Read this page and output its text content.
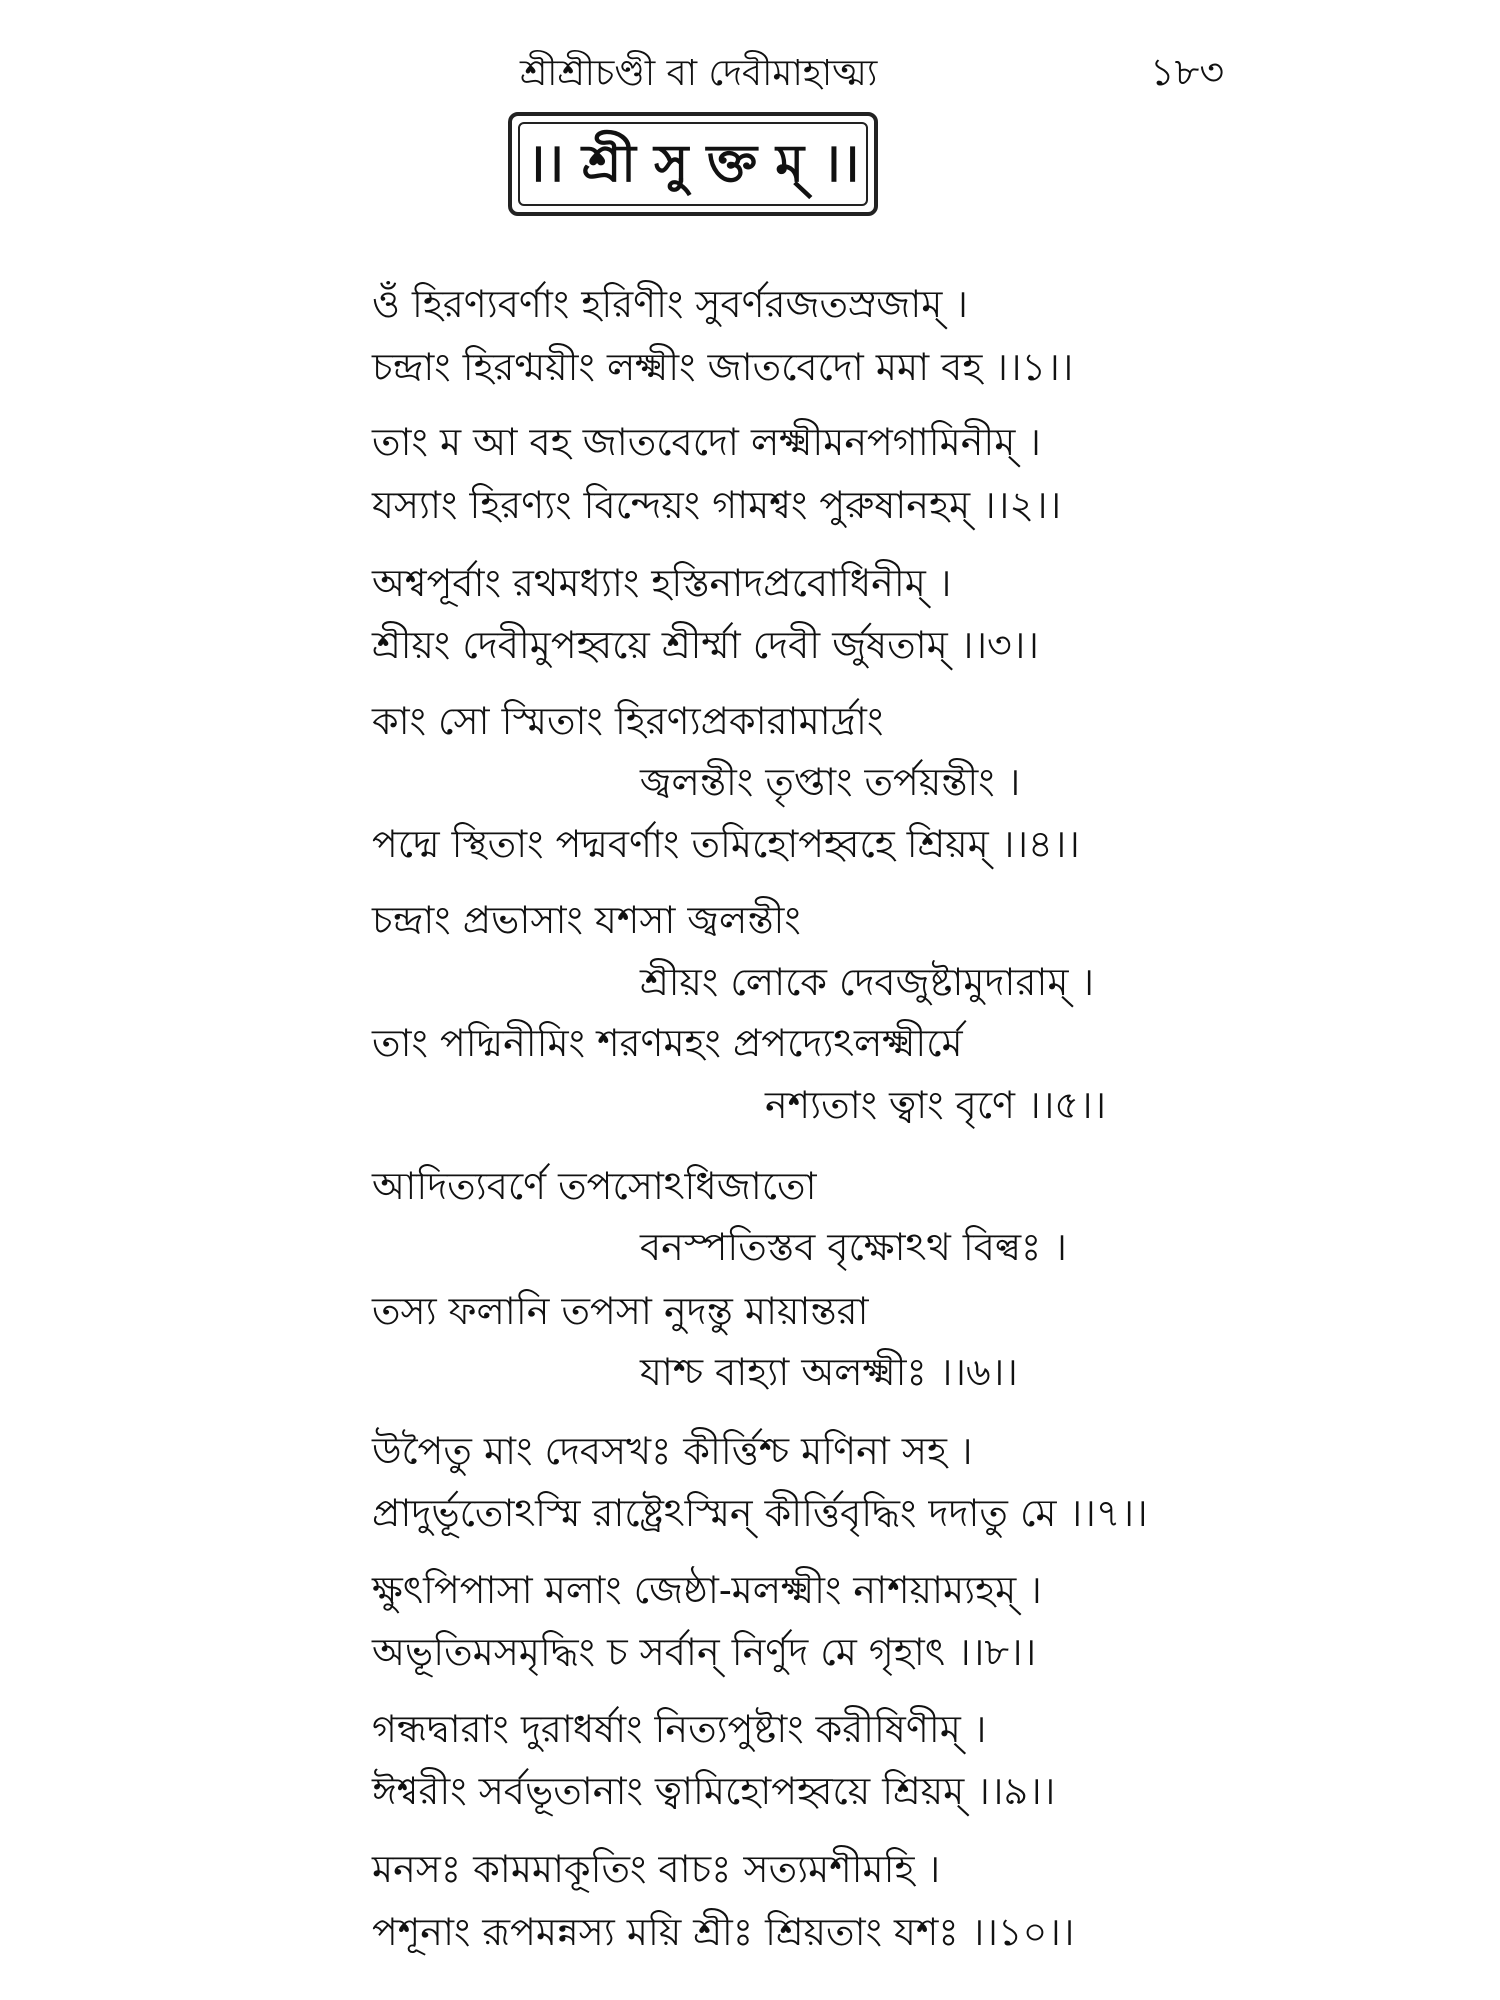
শ্রীশ্রীচণ্ডী বা দেবীমাহাত্ম্য	১৮৩
।। শ্রী সু ক্ত ম্ ।।
ওঁ হিরণ্যবর্ণাং হরিণীং সুবর্ণরজতস্রজাম্ ।
চন্দ্রাং হিরণ্ময়ীং লক্ষ্মীং জাতবেদো মমা বহ ।।১।।
তাং ম আ বহ জাতবেদো লক্ষ্মীমনপগামিনীম্ ।
যস্যাং হিরণ্যং বিন্দেয়ং গামশ্বং পুরুষানহম্ ।।২।।
অশ্বপূর্বাং রথমধ্যাং হস্তিনাদপ্রবোধিনীম্ ।
শ্রীয়ং দেবীমুপহ্বয়ে শ্রীর্ম্মা দেবী র্জুষতাম্ ।।৩।।
কাং সো স্মিতাং হিরণ্যপ্রকারামার্দ্রাং
জ্বলন্তীং তৃপ্তাং তর্পয়ন্তীং ।
পদ্মে স্থিতাং পদ্মবর্ণাং তমিহোপহ্বহে শ্রিয়ম্ ।।৪।।
চন্দ্রাং প্রভাসাং যশসা জ্বলন্তীং
শ্রীয়ং লোকে দেবজুষ্টামুদারাম্ ।
তাং পদ্মিনীমিং শরণমহং প্রপদ্যেঽলক্ষ্মীর্মে
নশ্যতাং ত্বাং বৃণে ।।৫।।
আদিত্যবর্ণে তপসোঽধিজাতো
বনস্পতিস্তব বৃক্ষোঽথ বিল্বঃ ।
তস্য ফলানি তপসা নুদন্তু মায়ান্তরা
যাশ্চ বাহ্যা অলক্ষ্মীঃ ।।৬।।
উপৈতু মাং দেবসখঃ কীর্ত্তিশ্চ মণিনা সহ ।
প্রাদুর্ভূতোঽস্মি রাষ্ট্রেঽস্মিন্ কীর্ত্তিবৃদ্ধিং দদাতু মে ।।৭।।
ক্ষুৎপিপাসা মলাং জেষ্ঠা-মলক্ষ্মীং নাশয়াম্যহম্ ।
অভূতিমসমৃদ্ধিং চ সর্বান্ নির্ণুদ মে গৃহাৎ ।।৮।।
গন্ধদ্বারাং দুরাধর্ষাং নিত্যপুষ্টাং করীষিণীম্ ।
ঈশ্বরীং সর্বভূতানাং ত্বামিহোপহ্বয়ে শ্রিয়ম্ ।।৯।।
মনসঃ কামমাকূতিং বাচঃ সত্যমশীমহি ।
পশূনাং রূপমন্নস্য ময়ি শ্রীঃ শ্রিয়তাং যশঃ ।।১০।।
